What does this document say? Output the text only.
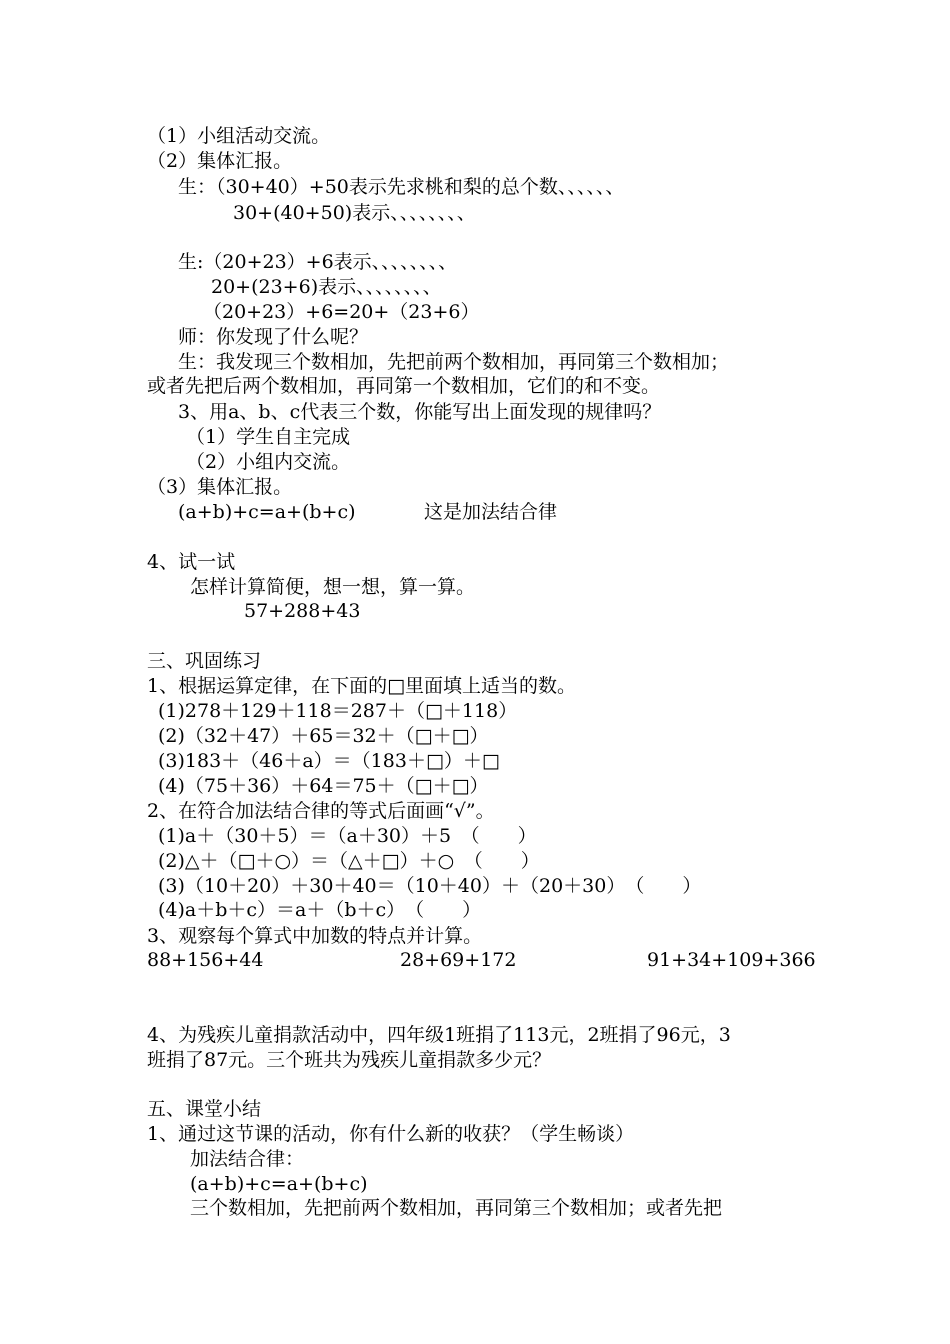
（1）小组活动交流。
（2）集体汇报。
生：（30+40）+50表示先求桃和梨的总个数、、、、、、
30+(40+50)表示、、、、、、、、
生:（20+23）+6表示、、、、、、、、
20+(23+6)表示、、、、、、、、
（20+23）+6=20+（23+6）
师：你发现了什么呢？
生：我发现三个数相加，先把前两个数相加，再同第三个数相加；
或者先把后两个数相加，再同第一个数相加，它们的和不变。
3、用a、b、c代表三个数，你能写出上面发现的规律吗？
（1）学生自主完成
（2）小组内交流。
（3）集体汇报。
(a+b)+c=a+(b+c)	这是加法结合律
4、试一试
怎样计算简便，想一想，算一算。
57+288+43
三、巩固练习
1、根据运算定律，在下面的□里面填上适当的数。
(1)278＋129＋118＝287＋（□＋118）
(2)（32＋47）＋65＝32＋（□＋□）
(3)183＋（46＋a）＝（183＋□）＋□
(4)（75＋36）＋64＝75＋（□＋□）
2、在符合加法结合律的等式后面画“√”。
(1)a＋（30＋5）＝（a＋30）＋5　（　　）
(2)△＋（□＋○）＝（△＋□）＋○　（　　）
(3)（10＋20）＋30＋40＝（10＋40）＋（20＋30）　（　　）
(4)a＋b＋c）＝a＋（b＋c）　（　　）
3、观察每个算式中加数的特点并计算。
88+156+44	28+69+172	91+34+109+366
4、为残疾儿童捐款活动中，四年级1班捐了113元，2班捐了96元，3
班捐了87元。三个班共为残疾儿童捐款多少元？
五、课堂小结
1、通过这节课的活动，你有什么新的收获？（学生畅谈）
加法结合律：
(a+b)+c=a+(b+c)
三个数相加，先把前两个数相加，再同第三个数相加；或者先把
